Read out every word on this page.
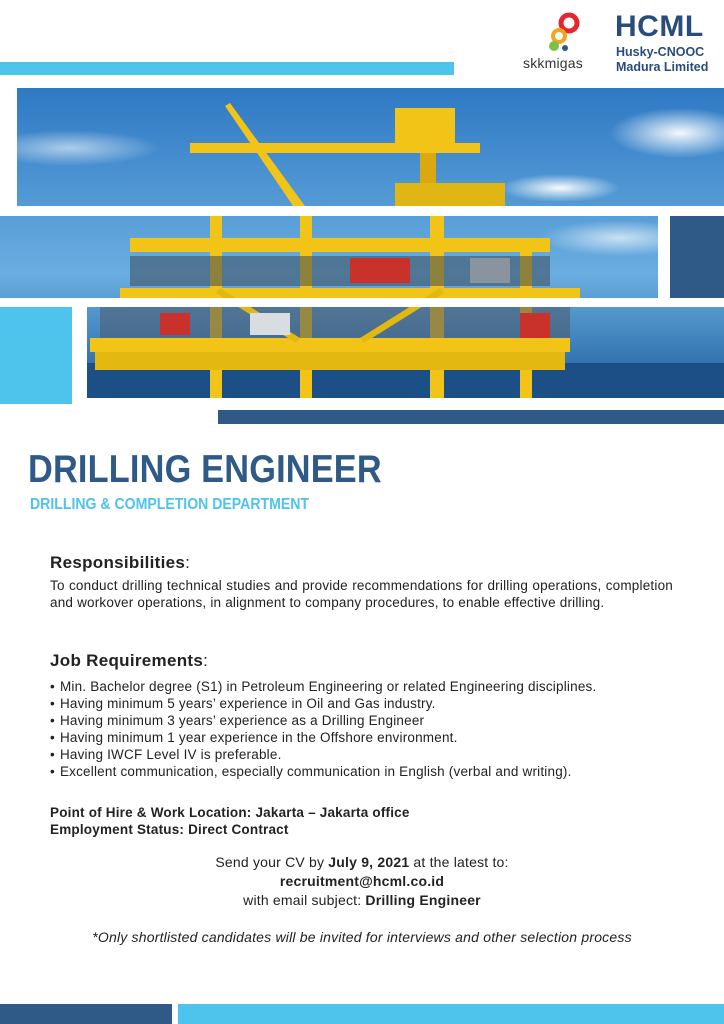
skkmigas
HCML
Husky-CNOOC
Madura Limited
DRILLING ENGINEER
DRILLING & COMPLETION DEPARTMENT
Responsibilities:
To conduct drilling technical studies and provide recommendations for drilling operations, completion and workover operations, in alignment to company procedures, to enable effective drilling.
Job Requirements:
• Min. Bachelor degree (S1) in Petroleum Engineering or related Engineering disciplines.
• Having minimum 5 years’ experience in Oil and Gas industry.
• Having minimum 3 years’ experience as a Drilling Engineer
• Having minimum 1 year experience in the Offshore environment.
• Having IWCF Level IV is preferable.
• Excellent communication, especially communication in English (verbal and writing).
Point of Hire & Work Location: Jakarta – Jakarta office
Employment Status: Direct Contract
Send your CV by July 9, 2021 at the latest to:
recruitment@hcml.co.id
with email subject: Drilling Engineer
*Only shortlisted candidates will be invited for interviews and other selection process
